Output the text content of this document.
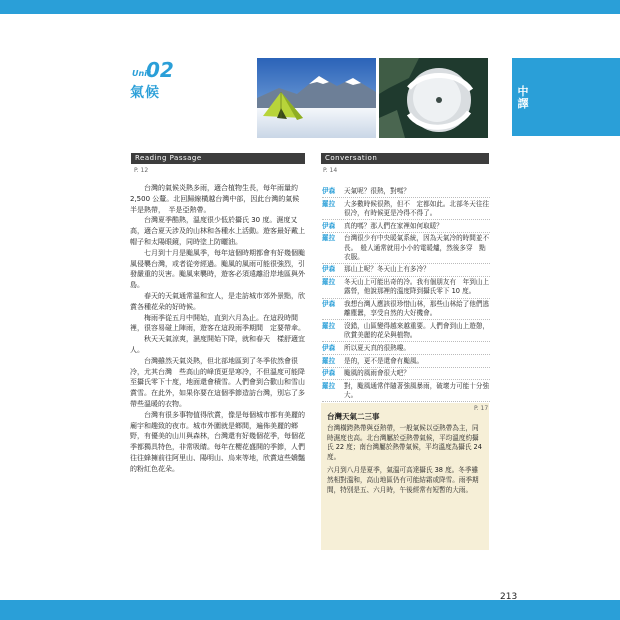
中譯
Unit
02
氣候
Reading Passage
P. 12

台灣的氣候炎熱多雨，適合植物生長，每年雨量約 2,500 公釐。北回歸線橫越台灣中部，因此台灣的氣候　半是熱帶，　半是亞熱帶。

台灣夏季酷熱，溫度很少低於攝氏 30 度。濕度又高，適合夏天涉及的山林和各種水上活動。遊客最好戴上帽子和太陽眼鏡，同時塗上防曬油。

七月到十月是颱風季，每年這個時期都會有好幾個颱風侵襲台灣，或者從旁經過。颱風的風雨可能很強烈，引發嚴重的災害。颱風來襲時，遊客必須遠離沿岸地區與外島。

春天的天氣通常溫和宜人，是走訪城市郊外景點，欣賞各種花朵的好時候。

梅雨季從五月中開始，直到六月為止。在這段時間裡，很容易碰上陣雨，遊客在這段雨季期間　定要帶傘。

秋天天氣涼爽，濕度開始下降，就和春天　樣舒適宜人。

台灣雖然天氣炎熱，但北部地區到了冬季依然會很冷，尤其台灣　些高山的峰頂更是寒冷，不但溫度可能降至攝氏零下十度，地面還會積雪。人們會到合歡山和雪山賞雪。在此外，如果你要在這個季節造訪台灣，別忘了多帶些溫暖的衣物。

台灣有很多事物值得欣賞，像是每個城市都有美麗的廟宇和趣致的夜市。城市外圍就是鄉間，遍佈美麗的鄉野，有優美的山川與森林，台灣還有好幾個花季，每個花季都獨具特色，非常吸睛。每年在櫻花盛開的季節，人們往往蜂擁前往阿里山、陽明山、烏來等地，欣賞這些嬌豔的粉紅色花朵。

Conversation
P. 14
伊森	天氣呢？很熱，對嗎？
羅拉	大多數時候很熱，但不　定都如此。北部冬天往往很冷，有時候更是冷得不得了。
伊森	真的嗎？那人們在家裡如何取暖？
羅拉	台灣很少有中央暖氣系統，因為天氣冷的時間並不長。　般人通常就用小小的電暖爐，然後多穿　點衣服。
伊森	那山上呢？冬天山上有多冷？
羅拉	冬天山上可能出奇的冷。我有個朋友有　年到山上露營，他說那裡的溫度降到攝氏零下 10 度。
伊森	我想台灣人應該很珍惜山林，那些山林給了他們逃離塵囂，享受自然的大好機會。
羅拉	沒錯，山區變得越來越重要。人們會到山上遊憩，欣賞美麗的花朵與植物。
伊森	所以夏天真的很熱嘍。
羅拉	是的，更不是還會有颱風。
伊森	颱風的風雨會很大吧？
羅拉	對，颱風通常伴隨著強風暴雨，破壞力可能十分強大。
P. 17
台灣天氣二三事

台灣橫跨熱帶與亞熱帶，一般氣候以亞熱帶為主，同時濕度也高。北台灣屬於亞熱帶氣候，平均溫度約攝氏 22 度；南台灣屬於熱帶氣候，平均溫度為攝氏 24 度。

六月到八月是夏季，氣溫可高達攝氏 38 度。冬季雖然相對溫和，高山地區仍有可能結霜或降雪。雨季期間，特別是五、六月時，午後經常有短暫的大雨。

213
